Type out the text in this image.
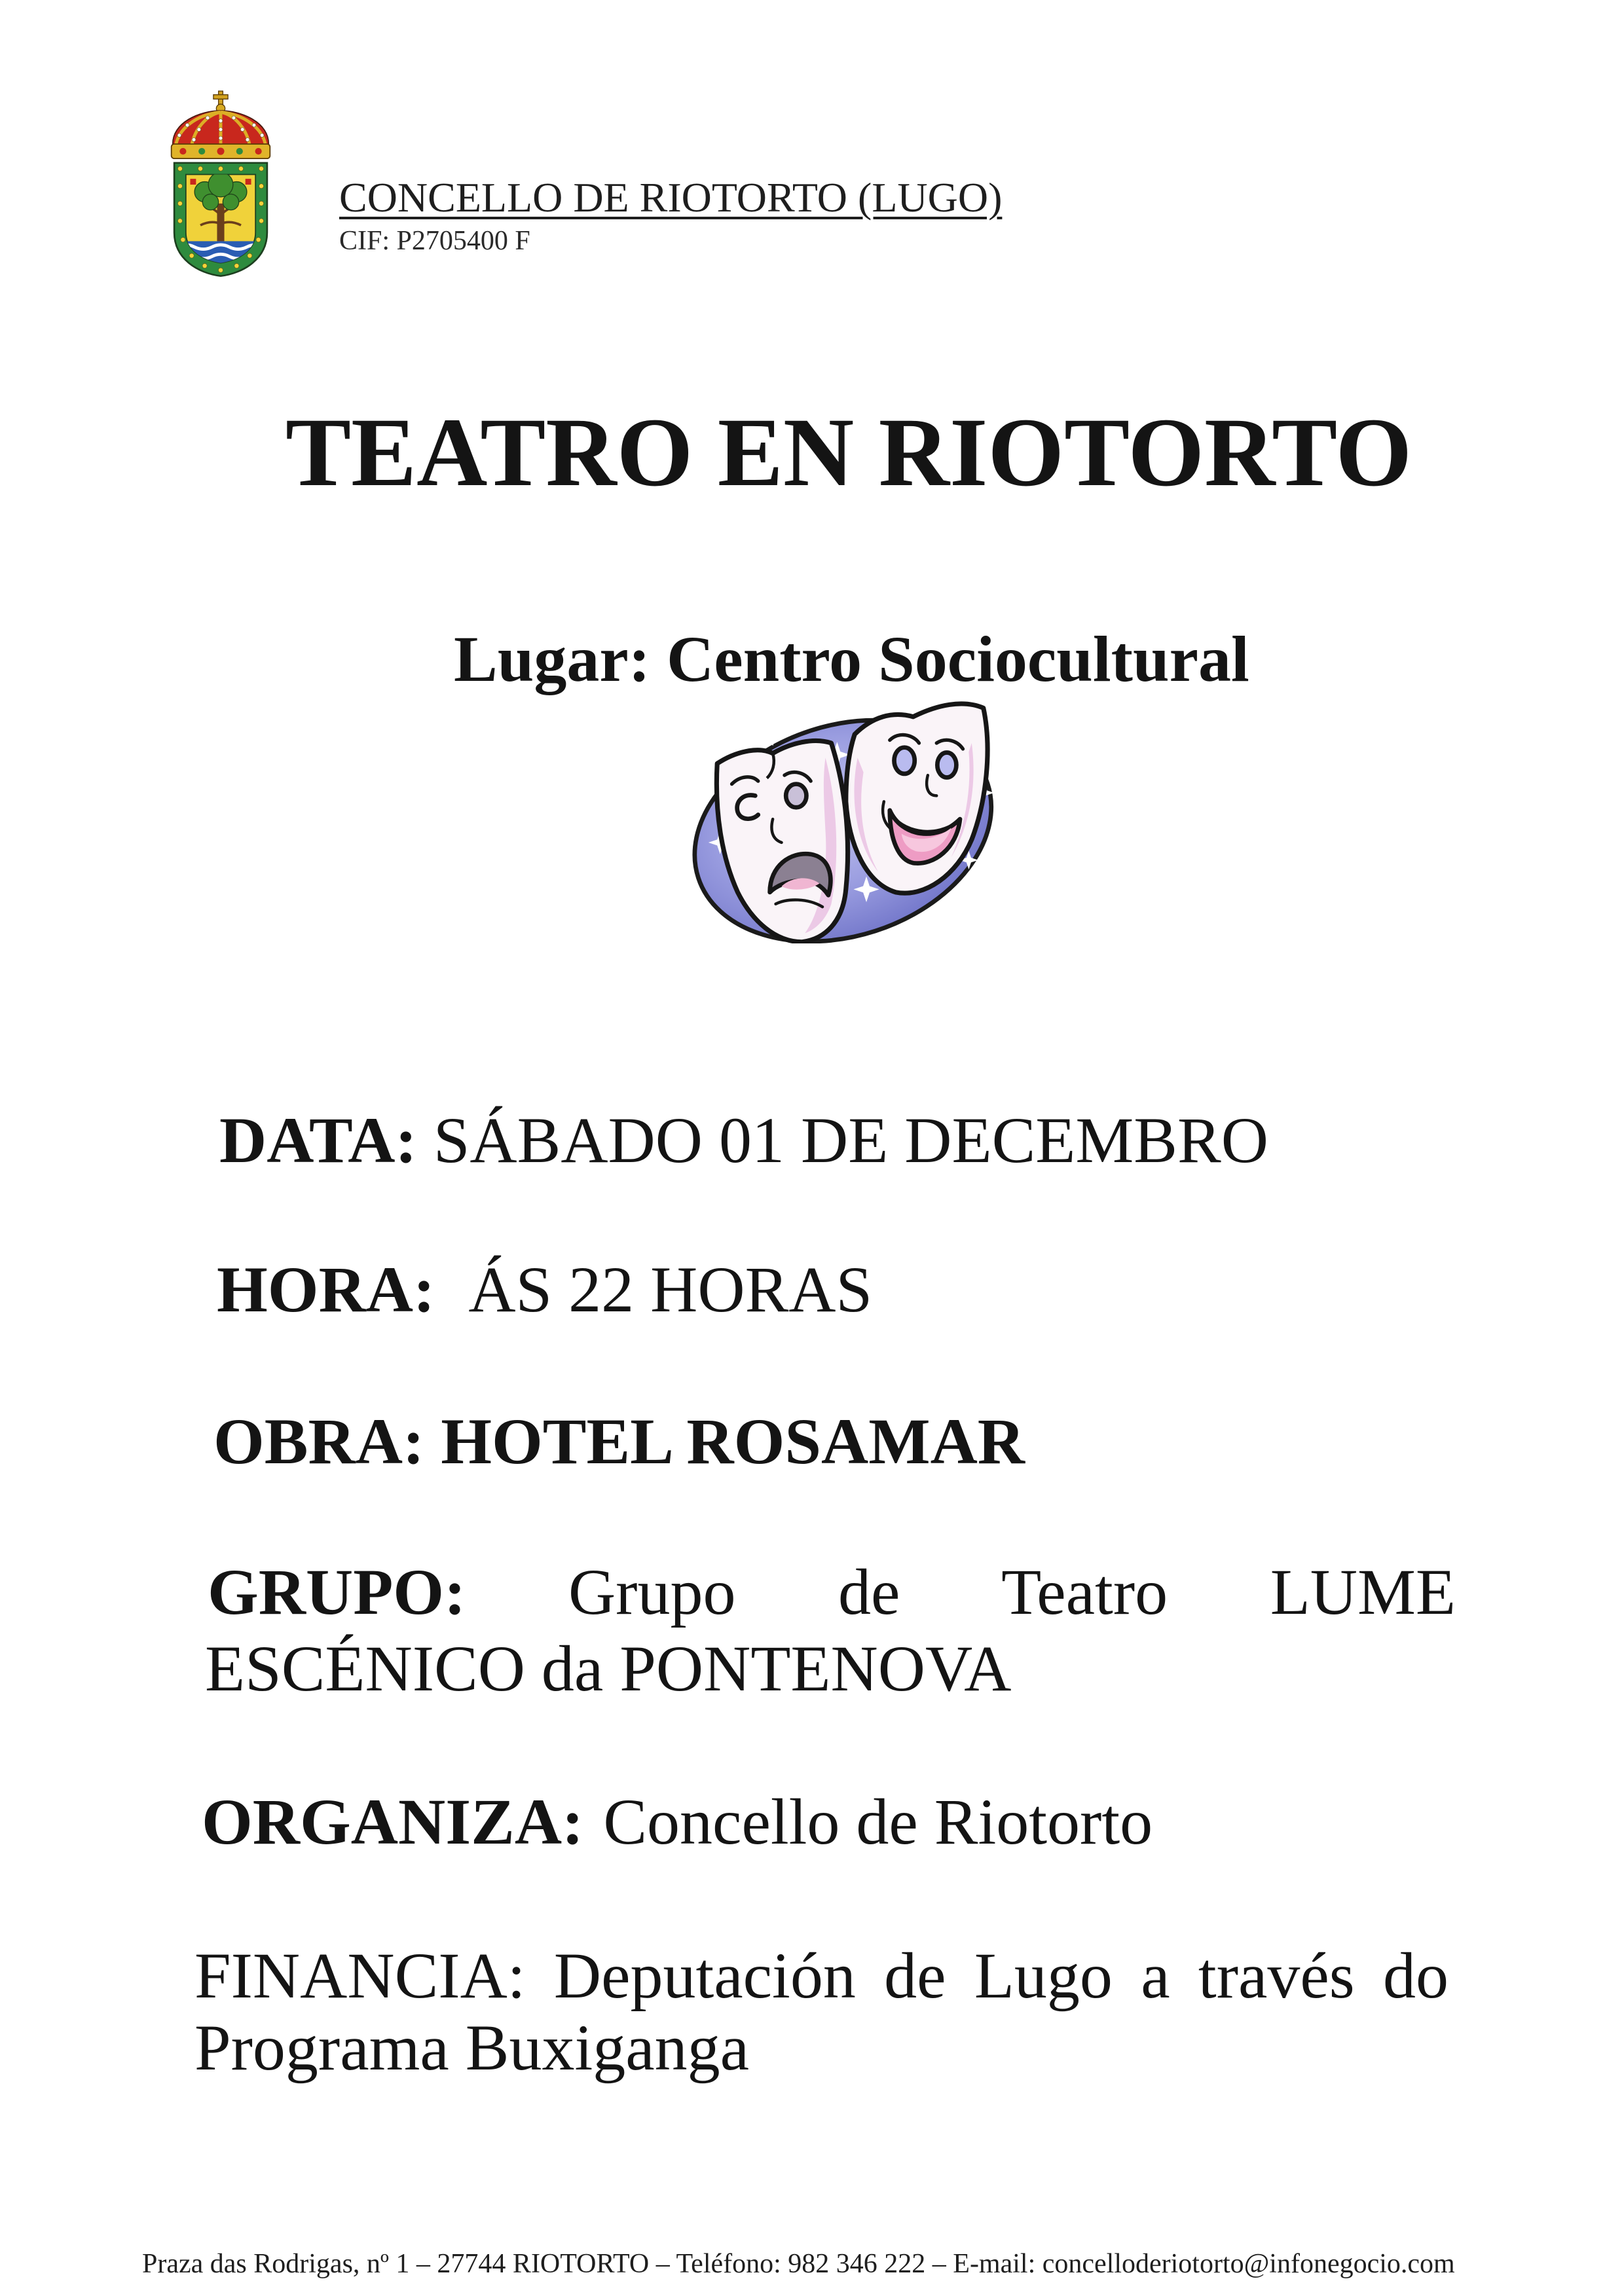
CONCELLO DE RIOTORTO (LUGO)
CIF: P2705400 F
TEATRO EN RIOTORTO
Lugar: Centro Sociocultural
DATA: SÁBADO 01 DE DECEMBRO
HORA: ÁS 22 HORAS
OBRA: HOTEL ROSAMAR
GRUPO: Grupo de Teatro LUME
ESCÉNICO da PONTENOVA
ORGANIZA: Concello de Riotorto
FINANCIA: Deputación de Lugo a través do
Programa Buxiganga
Praza das Rodrigas, nº 1 – 27744 RIOTORTO – Teléfono: 982 346 222 – E-mail: concelloderiotorto@infonegocio.com
